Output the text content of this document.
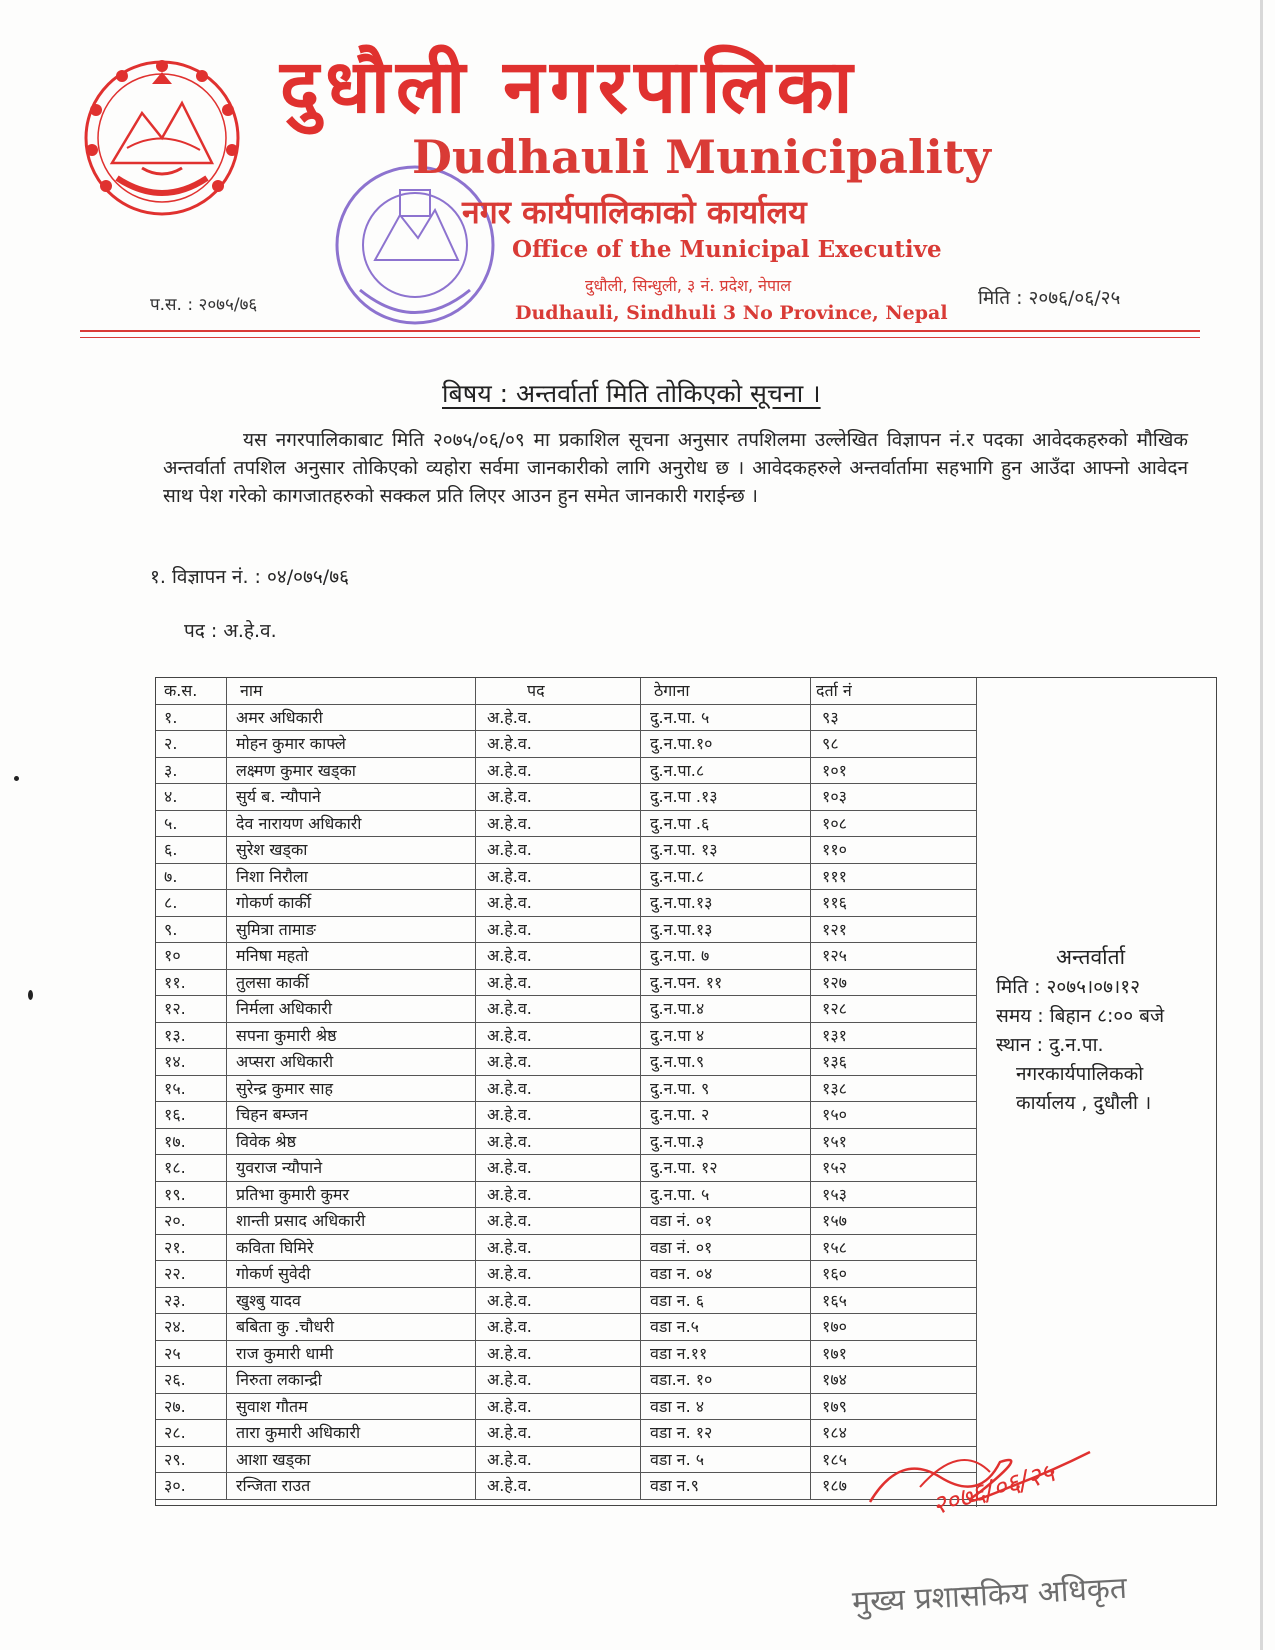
दुधौली नगरपालिका
Dudhauli Municipality
नगर कार्यपालिकाको कार्यालय
Office of the Municipal Executive
दुधौली, सिन्धुली, ३ नं. प्रदेश, नेपाल
Dudhauli, Sindhuli 3 No Province, Nepal
प.स. : २०७५/७६	मिति : २०७६/०६/२५
बिषय : अन्तर्वार्ता मिति तोकिएको सूचना ।
यस नगरपालिकाबाट मिति २०७५/०६/०९ मा प्रकाशिल सूचना अनुसार तपशिलमा उल्लेखित विज्ञापन नं.र पदका आवेदकहरुको मौखिक अन्तर्वार्ता तपशिल अनुसार तोकिएको व्यहोरा सर्वमा जानकारीको लागि अनुरोध छ । आवेदकहरुले अन्तर्वार्तामा सहभागि हुन आउँदा आफ्नो आवेदन साथ पेश गरेको कागजातहरुको सक्कल प्रति लिएर आउन हुन समेत जानकारी गराईन्छ ।
१. विज्ञापन नं. : ०४/०७५/७६
पद : अ.हे.व.
क.स.	नाम	पद	ठेगाना	दर्ता नं
१.	अमर अधिकारी	अ.हे.व.	दु.न.पा. ५	९३
२.	मोहन कुमार काफ्ले	अ.हे.व.	दु.न.पा.१०	९८
३.	लक्ष्मण कुमार खड्का	अ.हे.व.	दु.न.पा.८	१०१
४.	सुर्य ब. न्यौपाने	अ.हे.व.	दु.न.पा .१३	१०३
५.	देव नारायण अधिकारी	अ.हे.व.	दु.न.पा .६	१०८
६.	सुरेश खड्का	अ.हे.व.	दु.न.पा. १३	११०
७.	निशा निरौला	अ.हे.व.	दु.न.पा.८	१११
८.	गोकर्ण कार्की	अ.हे.व.	दु.न.पा.१३	११६
९.	सुमित्रा तामाङ	अ.हे.व.	दु.न.पा.१३	१२१
१०	मनिषा महतो	अ.हे.व.	दु.न.पा. ७	१२५
११.	तुलसा कार्की	अ.हे.व.	दु.न.पन. ११	१२७
१२.	निर्मला अधिकारी	अ.हे.व.	दु.न.पा.४	१२८
१३.	सपना कुमारी श्रेष्ठ	अ.हे.व.	दु.न.पा ४	१३१
१४.	अप्सरा अधिकारी	अ.हे.व.	दु.न.पा.९	१३६
१५.	सुरेन्द्र कुमार साह	अ.हे.व.	दु.न.पा. ९	१३८
१६.	चिहन बम्जन	अ.हे.व.	दु.न.पा. २	१५०
१७.	विवेक श्रेष्ठ	अ.हे.व.	दु.न.पा.३	१५१
१८.	युवराज न्यौपाने	अ.हे.व.	दु.न.पा. १२	१५२
१९.	प्रतिभा कुमारी कुमर	अ.हे.व.	दु.न.पा. ५	१५३
२०.	शान्ती प्रसाद अधिकारी	अ.हे.व.	वडा नं. ०१	१५७
२१.	कविता घिमिरे	अ.हे.व.	वडा नं. ०१	१५८
२२.	गोकर्ण सुवेदी	अ.हे.व.	वडा न. ०४	१६०
२३.	खुश्बु यादव	अ.हे.व.	वडा न. ६	१६५
२४.	बबिता कु .चौधरी	अ.हे.व.	वडा न.५	१७०
२५	राज कुमारी धामी	अ.हे.व.	वडा न.११	१७१
२६.	निरुता लकान्द्री	अ.हे.व.	वडा.न. १०	१७४
२७.	सुवाश गौतम	अ.हे.व.	वडा न. ४	१७९
२८.	तारा कुमारी अधिकारी	अ.हे.व.	वडा न. १२	१८४
२९.	आशा खड्का	अ.हे.व.	वडा न. ५	१८५
३०.	रन्जिता राउत	अ.हे.व.	वडा न.९	१८७
अन्तर्वार्ता
मिति : २०७५।०७।१२
समय : बिहान ८:०० बजे
स्थान : दु.न.पा.
नगरकार्यपालिकको
कार्यालय , दुधौली ।
२०७६/०६/२५
मुख्य प्रशासकिय अधिकृत
